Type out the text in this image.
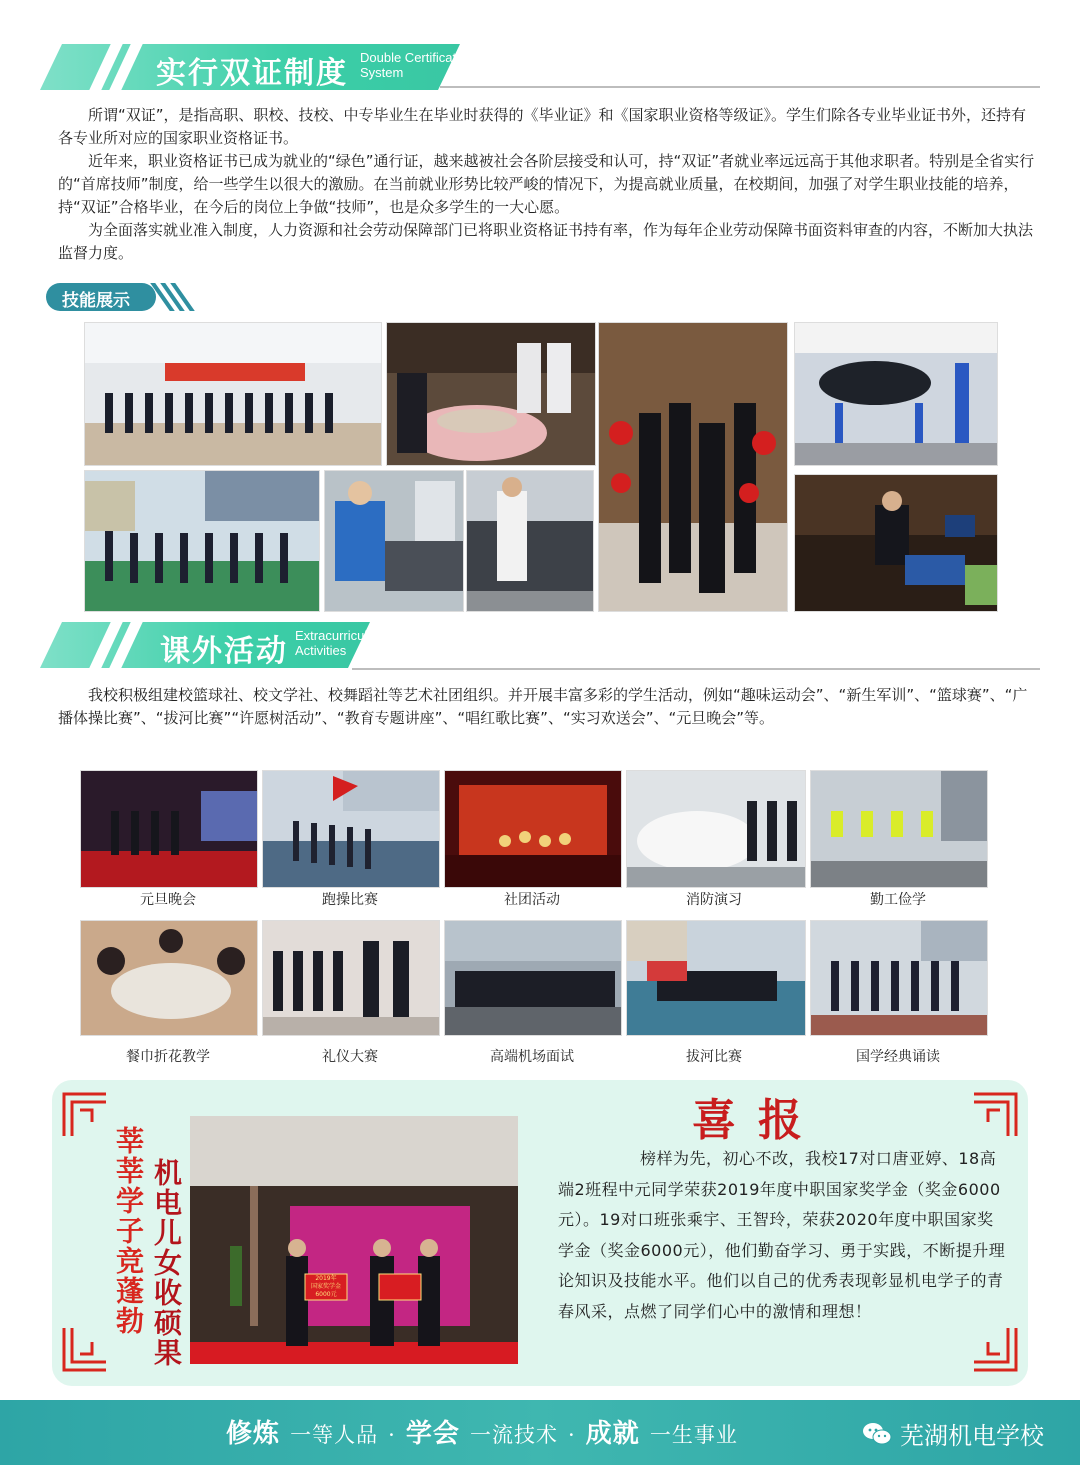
实行双证制度 Double Certificate
System

所谓“双证”，是指高职、职校、技校、中专毕业生在毕业时获得的《毕业证》和《国家职业资格等级证》。学生们除各专业毕业证书外，还持有各专业所对应的国家职业资格证书。

近年来，职业资格证书已成为就业的“绿色”通行证，越来越被社会各阶层接受和认可，持“双证”者就业率远远高于其他求职者。特别是全省实行的“首席技师”制度，给一些学生以很大的激励。在当前就业形势比较严峻的情况下，为提高就业质量，在校期间，加强了对学生职业技能的培养，持“双证”合格毕业，在今后的岗位上争做“技师”，也是众多学生的一大心愿。

为全面落实就业准入制度，人力资源和社会劳动保障部门已将职业资格证书持有率，作为每年企业劳动保障书面资料审查的内容，不断加大执法监督力度。

技能展示
课外活动 Extracurricular
Activities

我校积极组建校篮球社、校文学社、校舞蹈社等艺术社团组织。并开展丰富多彩的学生活动，例如“趣味运动会”、“新生军训”、“篮球赛”、“广播体操比赛”、“拔河比赛”“许愿树活动”、“教育专题讲座”、“唱红歌比赛”、“实习欢送会”、“元旦晚会”等。

元旦晚会	跑操比赛	社团活动	消防演习	勤工俭学
餐巾折花教学	礼仪大赛	高端机场面试	拔河比赛	国学经典诵读
莘莘学子竞蓬勃 机电儿女收硕果	2019年
国家奖学金
6000元
喜报

榜样为先，初心不改，我校17对口唐亚婷、18高端2班程中元同学荣获2019年度中职国家奖学金（奖金6000元）。19对口班张乘宇、王智玲，荣获2020年度中职国家奖学金（奖金6000元），他们勤奋学习、勇于实践，不断提升理论知识及技能水平。他们以自己的优秀表现彰显机电学子的青春风采，点燃了同学们心中的激情和理想！

修炼 一等人品 · 学会 一流技术 · 成就 一生事业	芜湖机电学校
